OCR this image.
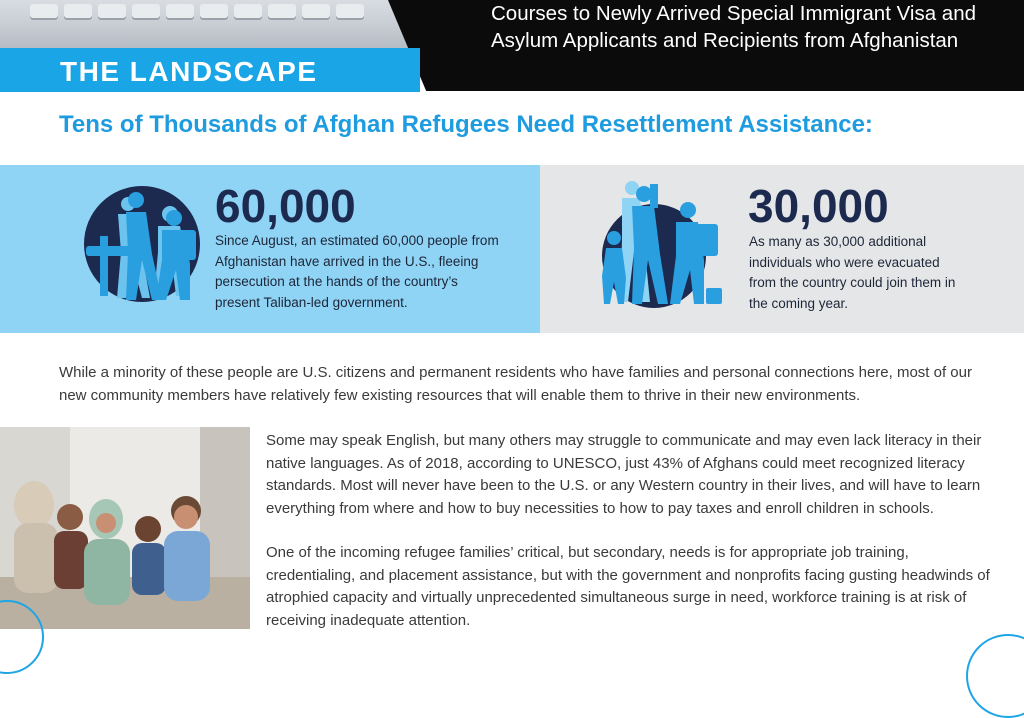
Courses to Newly Arrived Special Immigrant Visa and Asylum Applicants and Recipients from Afghanistan
THE LANDSCAPE
Tens of Thousands of Afghan Refugees Need Resettlement Assistance:
60,000
Since August, an estimated 60,000 people from Afghanistan have arrived in the U.S., fleeing persecution at the hands of the country’s present Taliban-led government.
30,000
As many as 30,000 additional individuals who were evacuated from the country could join them in the coming year.
While a minority of these people are U.S. citizens and permanent residents who have families and personal connections here, most of our new community members have relatively few existing resources that will enable them to thrive in their new environments.
Some may speak English, but many others may struggle to communicate and may even lack literacy in their native languages. As of 2018, according to UNESCO, just 43% of Afghans could meet recognized literacy standards. Most will never have been to the U.S. or any Western country in their lives, and will have to learn everything from where and how to buy necessities to how to pay taxes and enroll children in schools.
One of the incoming refugee families’ critical, but secondary, needs is for appropriate job training, credentialing, and placement assistance, but with the government and nonprofits facing gusting headwinds of atrophied capacity and virtually unprecedented simultaneous surge in need, workforce training is at risk of receiving inadequate attention.
